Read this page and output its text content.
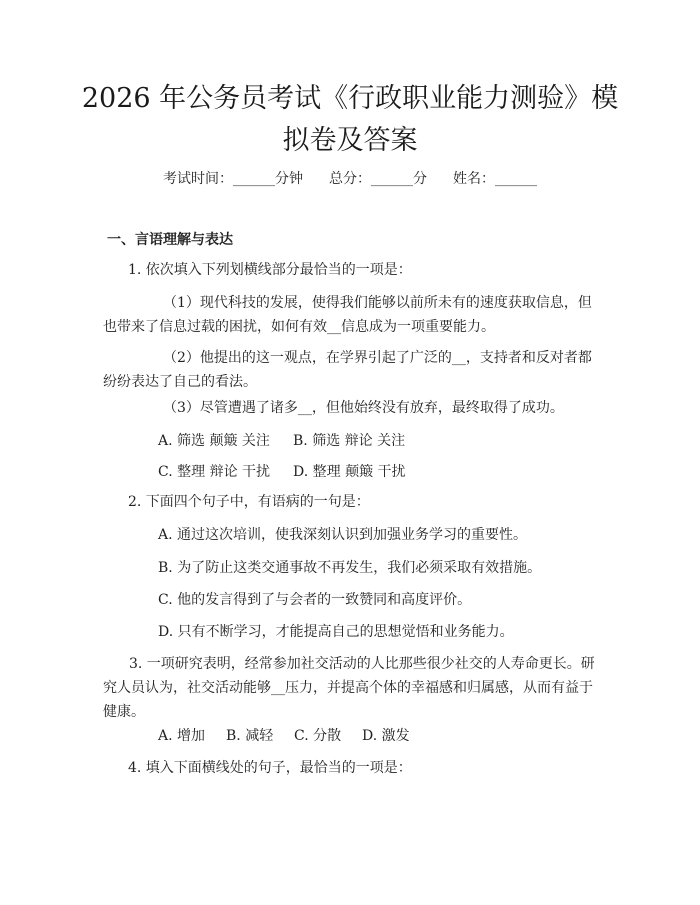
2026 年公务员考试《行政职业能力测验》模
拟卷及答案
考试时间：______分钟 总分：______分 姓名：______
一、言语理解与表达

1. 依次填入下列划横线部分最恰当的一项是：

（1）现代科技的发展，使得我们能够以前所未有的速度获取信息，但也带来了信息过载的困扰，如何有效__信息成为一项重要能力。

（2）他提出的这一观点，在学界引起了广泛的__，支持者和反对者都纷纷表达了自己的看法。

（3）尽管遭遇了诸多__，但他始终没有放弃，最终取得了成功。

A. 筛选 颠簸 关注 B. 筛选 辩论 关注

C. 整理 辩论 干扰 D. 整理 颠簸 干扰

2. 下面四个句子中，有语病的一句是：

A. 通过这次培训，使我深刻认识到加强业务学习的重要性。

B. 为了防止这类交通事故不再发生，我们必须采取有效措施。

C. 他的发言得到了与会者的一致赞同和高度评价。

D. 只有不断学习，才能提高自己的思想觉悟和业务能力。

3. 一项研究表明，经常参加社交活动的人比那些很少社交的人寿命更长。研究人员认为，社交活动能够__压力，并提高个体的幸福感和归属感，从而有益于健康。

A. 增加 B. 减轻 C. 分散 D. 激发

4. 填入下面横线处的句子，最恰当的一项是：
